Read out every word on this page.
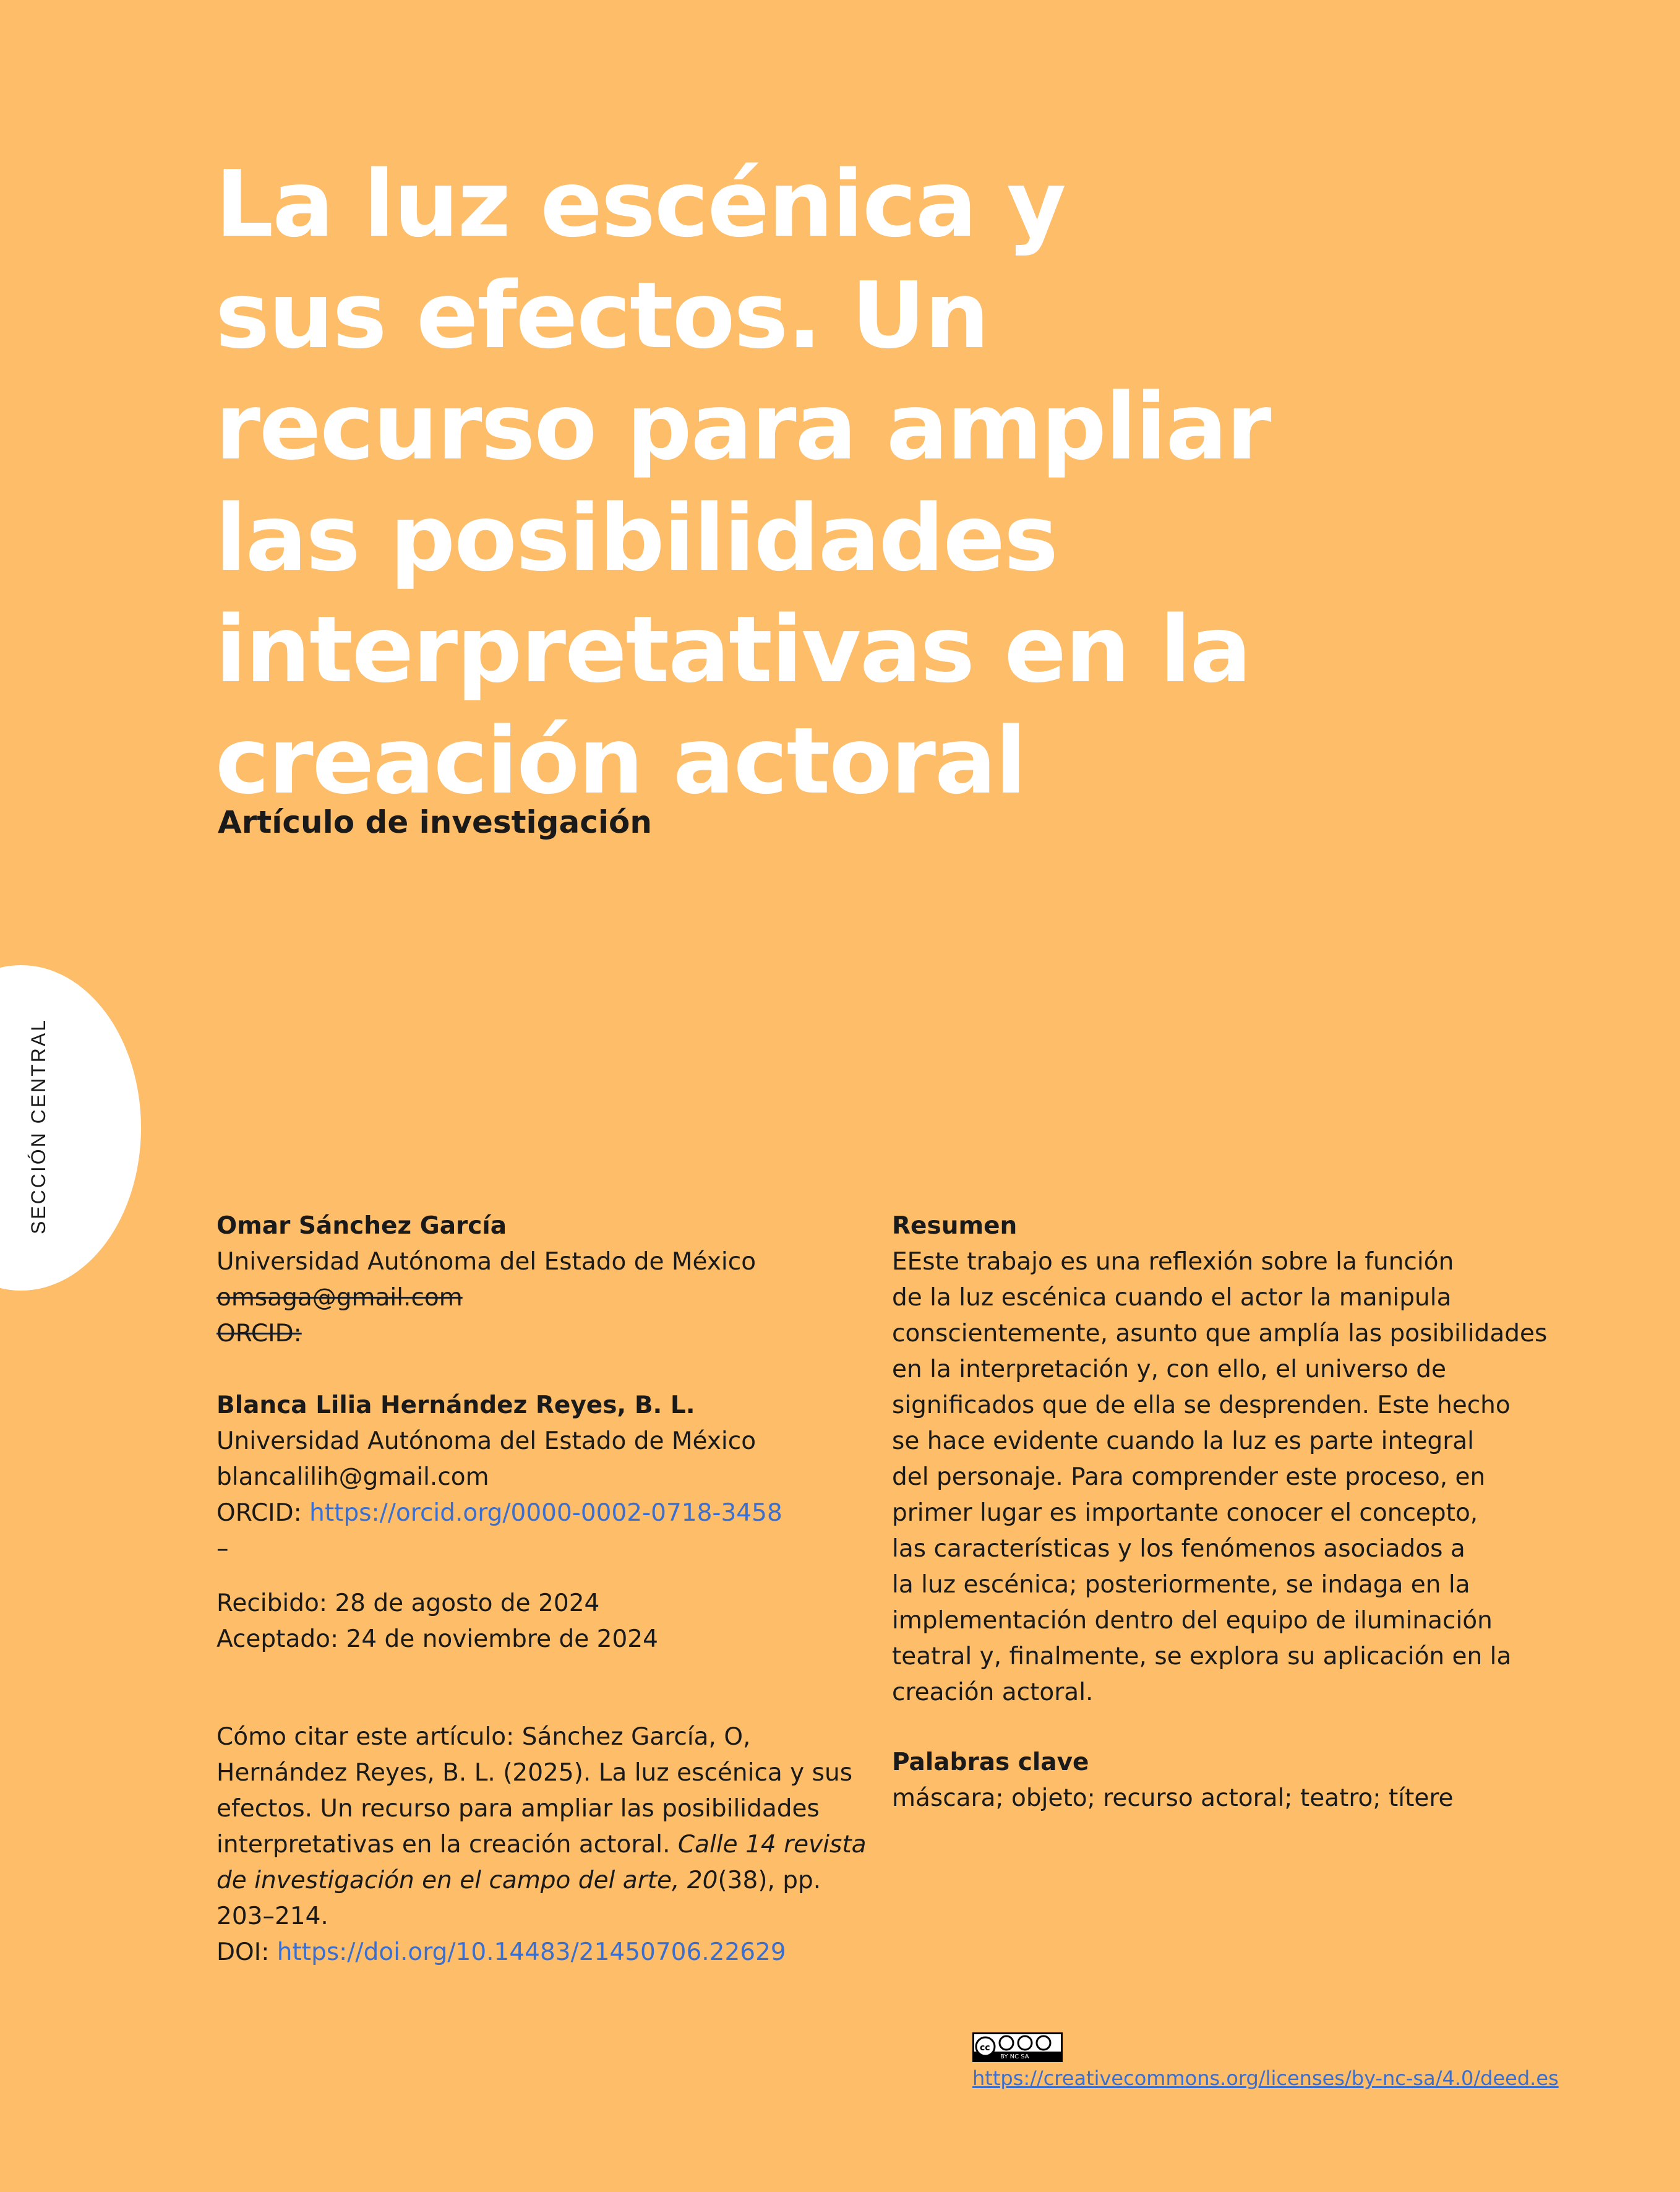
La luz escénica y
sus efectos. Un
recurso para ampliar
las posibilidades
interpretativas en la
creación actoral
Artículo de investigación
SECCIÓN CENTRAL	Omar Sánchez García
Universidad Autónoma del Estado de México
omsaga@gmail.com
ORCID:
Blanca Lilia Hernández Reyes, B. L.
Universidad Autónoma del Estado de México
blancalilih@gmail.com
ORCID: https://orcid.org/0000-0002-0718-3458
–
Recibido: 28 de agosto de 2024
Aceptado: 24 de noviembre de 2024
Cómo citar este artículo: Sánchez García, O,
Hernández Reyes, B. L. (2025). La luz escénica y sus
efectos. Un recurso para ampliar las posibilidades
interpretativas en la creación actoral. Calle 14 revista
de investigación en el campo del arte, 20(38), pp.
203–214.
DOI: https://doi.org/10.14483/21450706.22629
Resumen
EEste trabajo es una reflexión sobre la función
de la luz escénica cuando el actor la manipula
conscientemente, asunto que amplía las posibilidades
en la interpretación y, con ello, el universo de
significados que de ella se desprenden. Este hecho
se hace evidente cuando la luz es parte integral
del personaje. Para comprender este proceso, en
primer lugar es importante conocer el concepto,
las características y los fenómenos asociados a
la luz escénica; posteriormente, se indaga en la
implementación dentro del equipo de iluminación
teatral y, finalmente, se explora su aplicación en la
creación actoral.
Palabras clave
máscara; objeto; recurso actoral; teatro; títere
cc
BY NC SA
https://creativecommons.org/licenses/by-nc-sa/4.0/deed.es
